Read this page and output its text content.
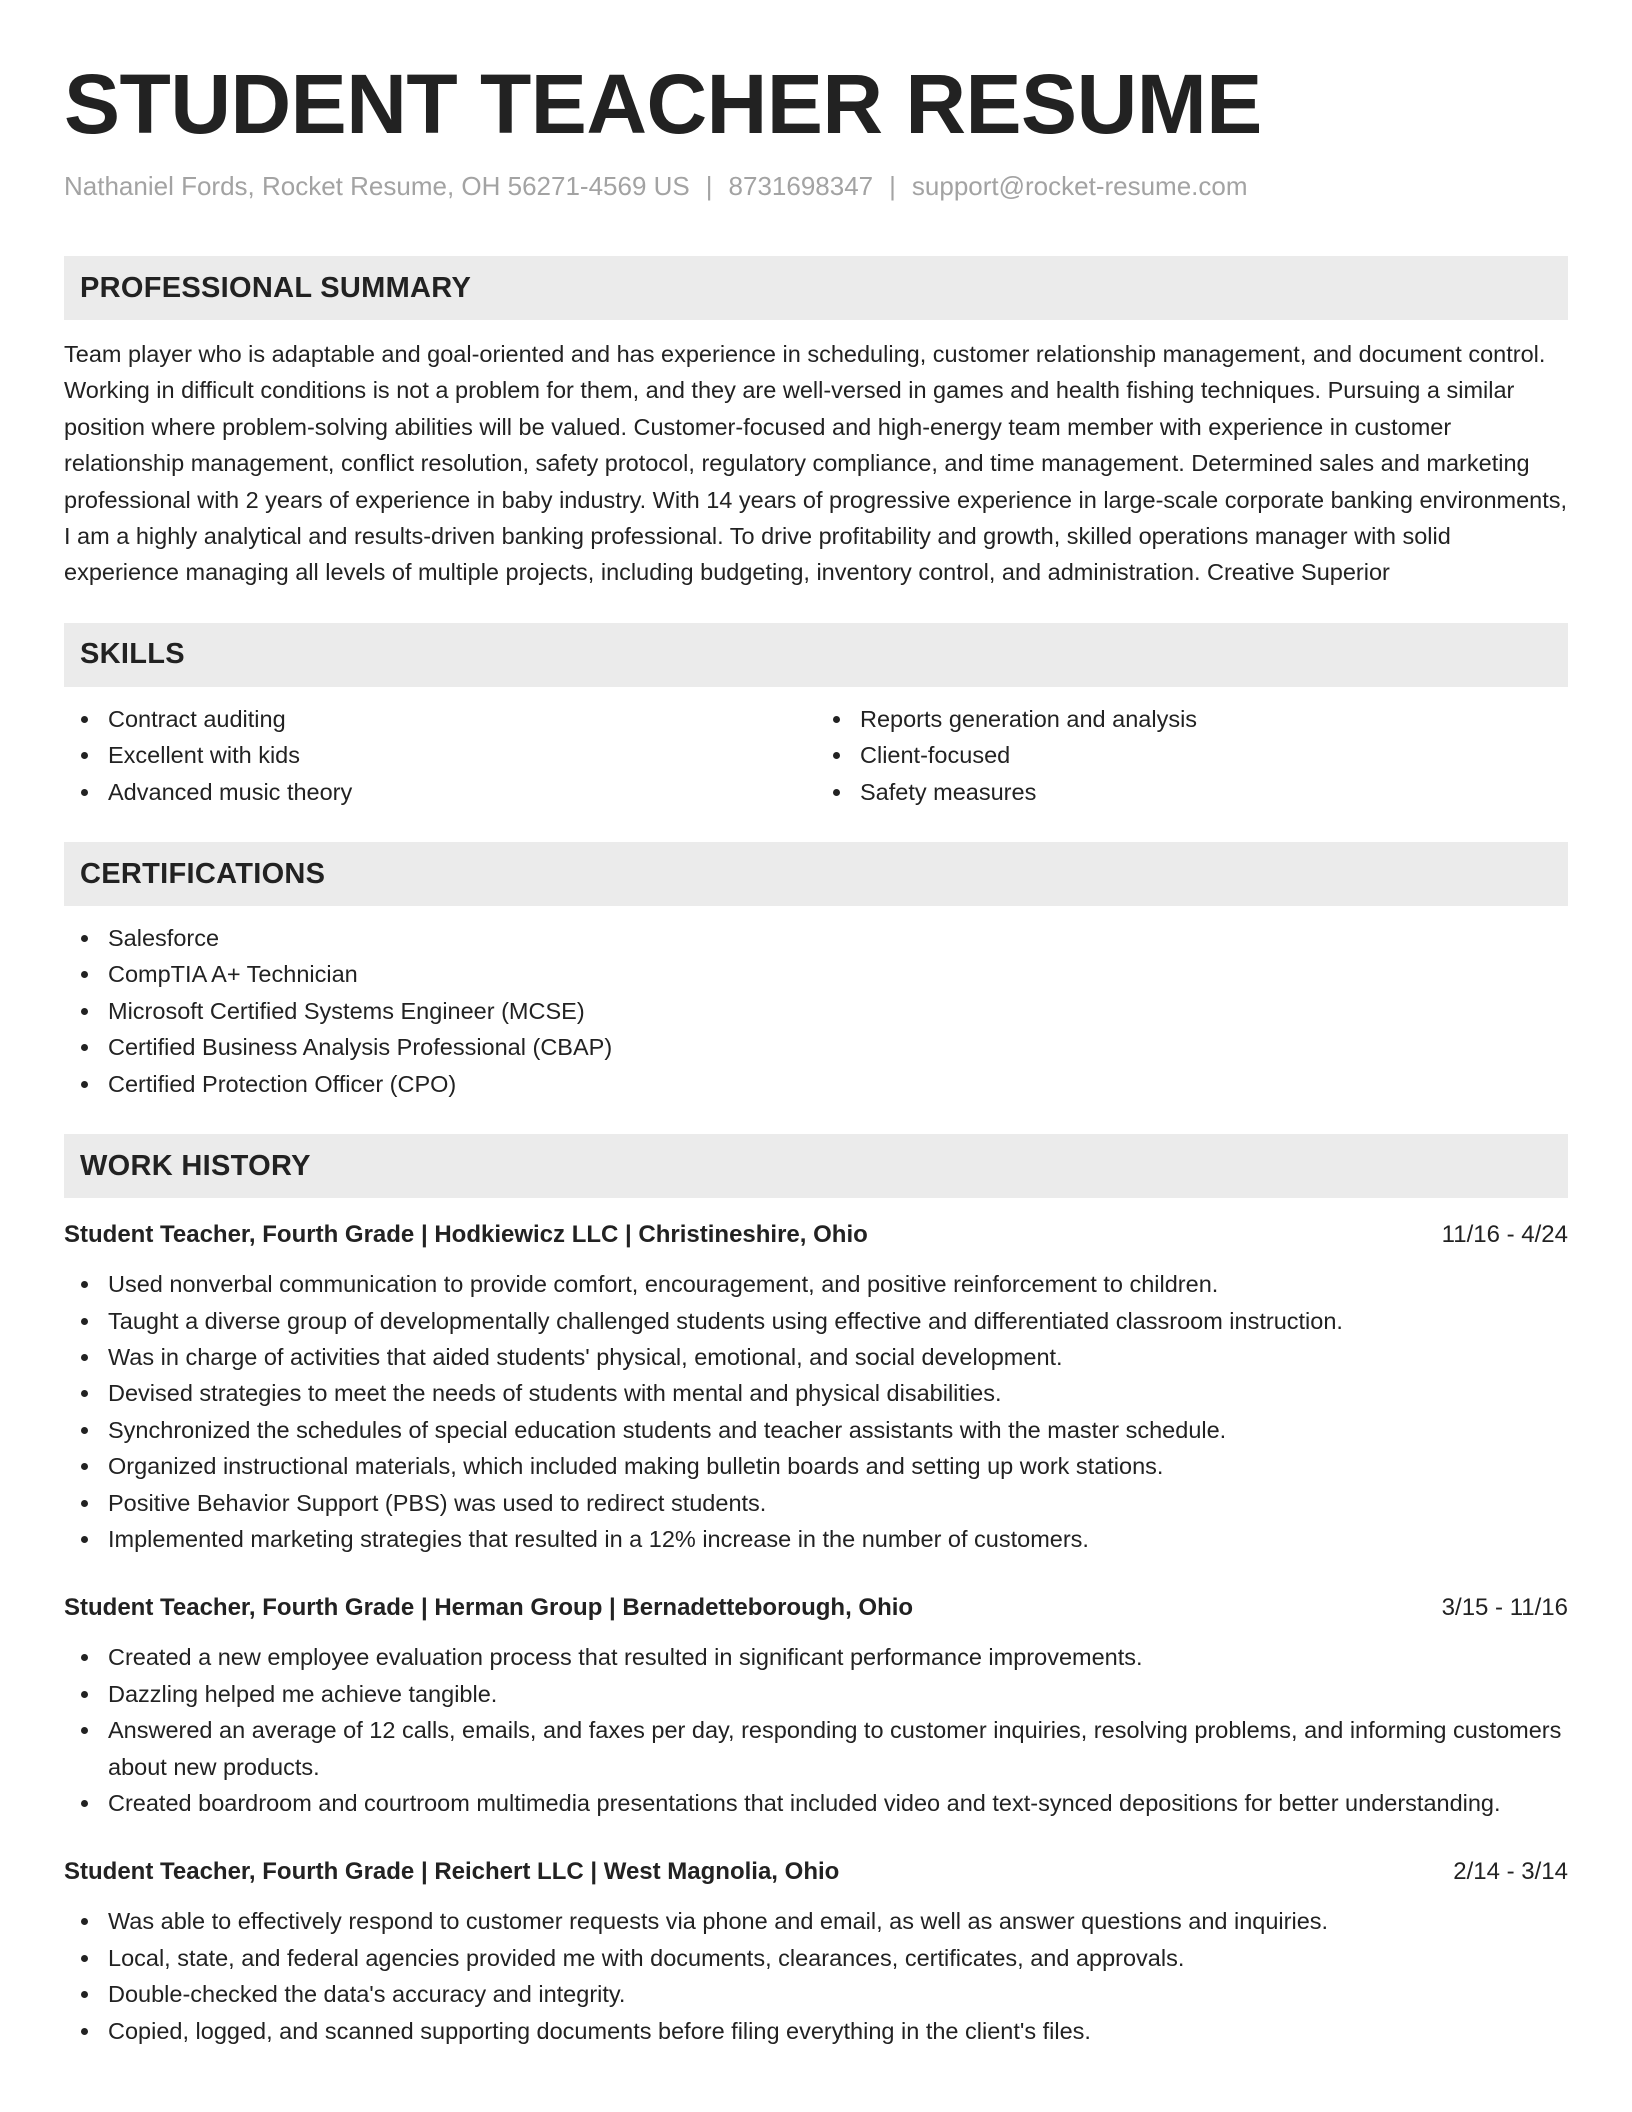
STUDENT TEACHER RESUME
Nathaniel Fords, Rocket Resume, OH 56271-4569 US | 8731698347 | support@rocket-resume.com
PROFESSIONAL SUMMARY

Team player who is adaptable and goal-oriented and has experience in scheduling, customer relationship management, and document control. Working in difficult conditions is not a problem for them, and they are well-versed in games and health fishing techniques. Pursuing a similar position where problem-solving abilities will be valued. Customer-focused and high-energy team member with experience in customer relationship management, conflict resolution, safety protocol, regulatory compliance, and time management. Determined sales and marketing professional with 2 years of experience in baby industry. With 14 years of progressive experience in large-scale corporate banking environments, I am a highly analytical and results-driven banking professional. To drive profitability and growth, skilled operations manager with solid experience managing all levels of multiple projects, including budgeting, inventory control, and administration. Creative Superior

SKILLS
Contract auditing
Excellent with kids
Advanced music theory
Reports generation and analysis
Client-focused
Safety measures
CERTIFICATIONS
Salesforce
CompTIA A+ Technician
Microsoft Certified Systems Engineer (MCSE)
Certified Business Analysis Professional (CBAP)
Certified Protection Officer (CPO)
WORK HISTORY
Student Teacher, Fourth Grade | Hodkiewicz LLC | Christineshire, Ohio	11/16 - 4/24
Used nonverbal communication to provide comfort, encouragement, and positive reinforcement to children.
Taught a diverse group of developmentally challenged students using effective and differentiated classroom instruction.
Was in charge of activities that aided students' physical, emotional, and social development.
Devised strategies to meet the needs of students with mental and physical disabilities.
Synchronized the schedules of special education students and teacher assistants with the master schedule.
Organized instructional materials, which included making bulletin boards and setting up work stations.
Positive Behavior Support (PBS) was used to redirect students.
Implemented marketing strategies that resulted in a 12% increase in the number of customers.
Student Teacher, Fourth Grade | Herman Group | Bernadetteborough, Ohio	3/15 - 11/16
Created a new employee evaluation process that resulted in significant performance improvements.
Dazzling helped me achieve tangible.
Answered an average of 12 calls, emails, and faxes per day, responding to customer inquiries, resolving problems, and informing customers about new products.
Created boardroom and courtroom multimedia presentations that included video and text-synced depositions for better understanding.
Student Teacher, Fourth Grade | Reichert LLC | West Magnolia, Ohio	2/14 - 3/14
Was able to effectively respond to customer requests via phone and email, as well as answer questions and inquiries.
Local, state, and federal agencies provided me with documents, clearances, certificates, and approvals.
Double-checked the data's accuracy and integrity.
Copied, logged, and scanned supporting documents before filing everything in the client's files.
